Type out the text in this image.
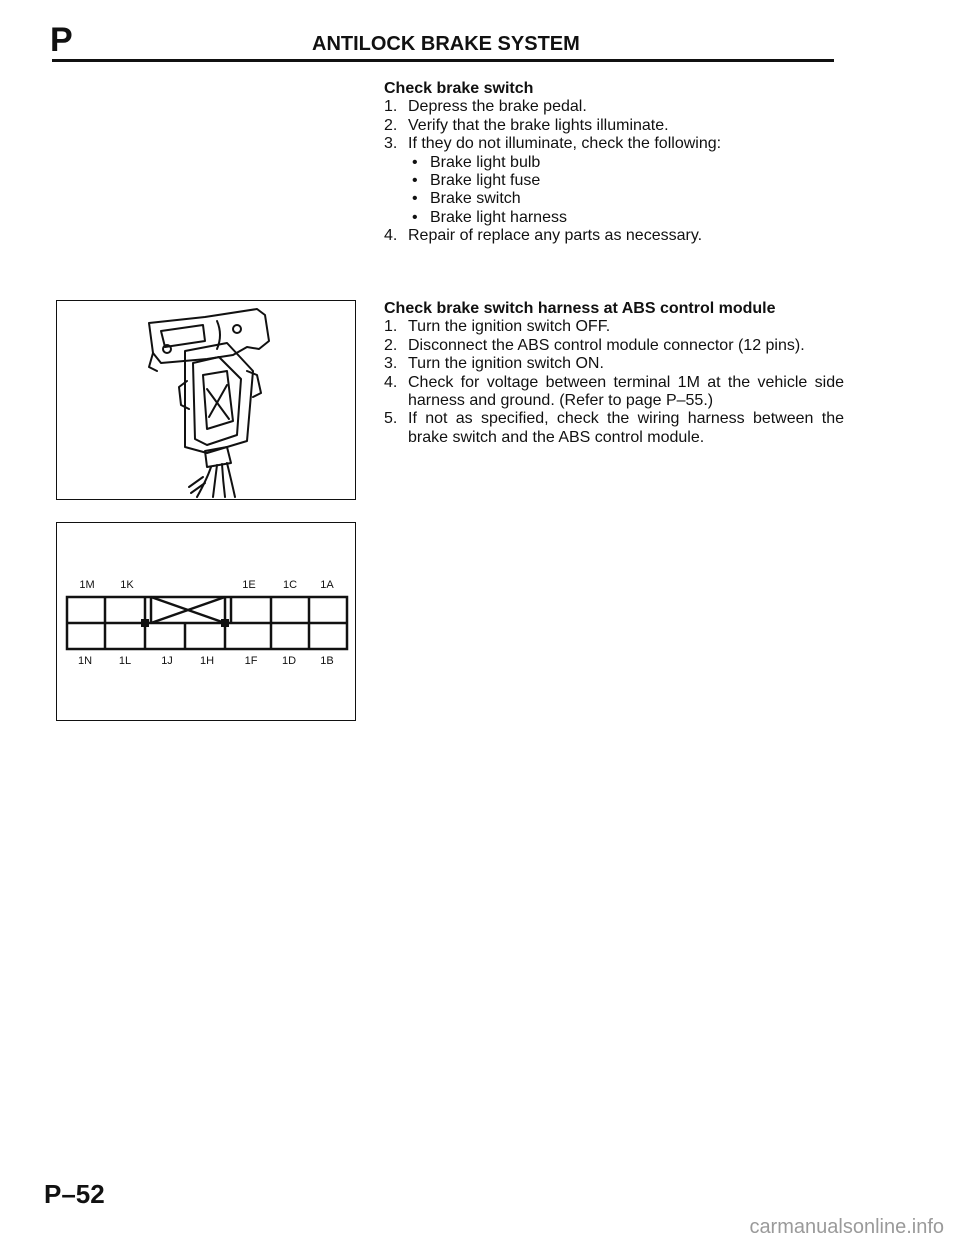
P	ANTILOCK BRAKE SYSTEM
Check brake switch
1. Depress the brake pedal.
2. Verify that the brake lights illuminate.
3. If they do not illuminate, check the following:
• Brake light bulb
• Brake light fuse
• Brake switch
• Brake light harness
4. Repair of replace any parts as necessary.
Check brake switch harness at ABS control module
1. Turn the ignition switch OFF.
2. Disconnect the ABS control module connector (12 pins).
3. Turn the ignition switch ON.
4. Check for voltage between terminal 1M at the vehicle side harness and ground. (Refer to page P–55.)
5. If not as specified, check the wiring harness between the brake switch and the ABS control module.
1M 1K	1E 1C 1A
1N 1L	1J 1H	1F 1D 1B
P–52
carmanualsonline.info
